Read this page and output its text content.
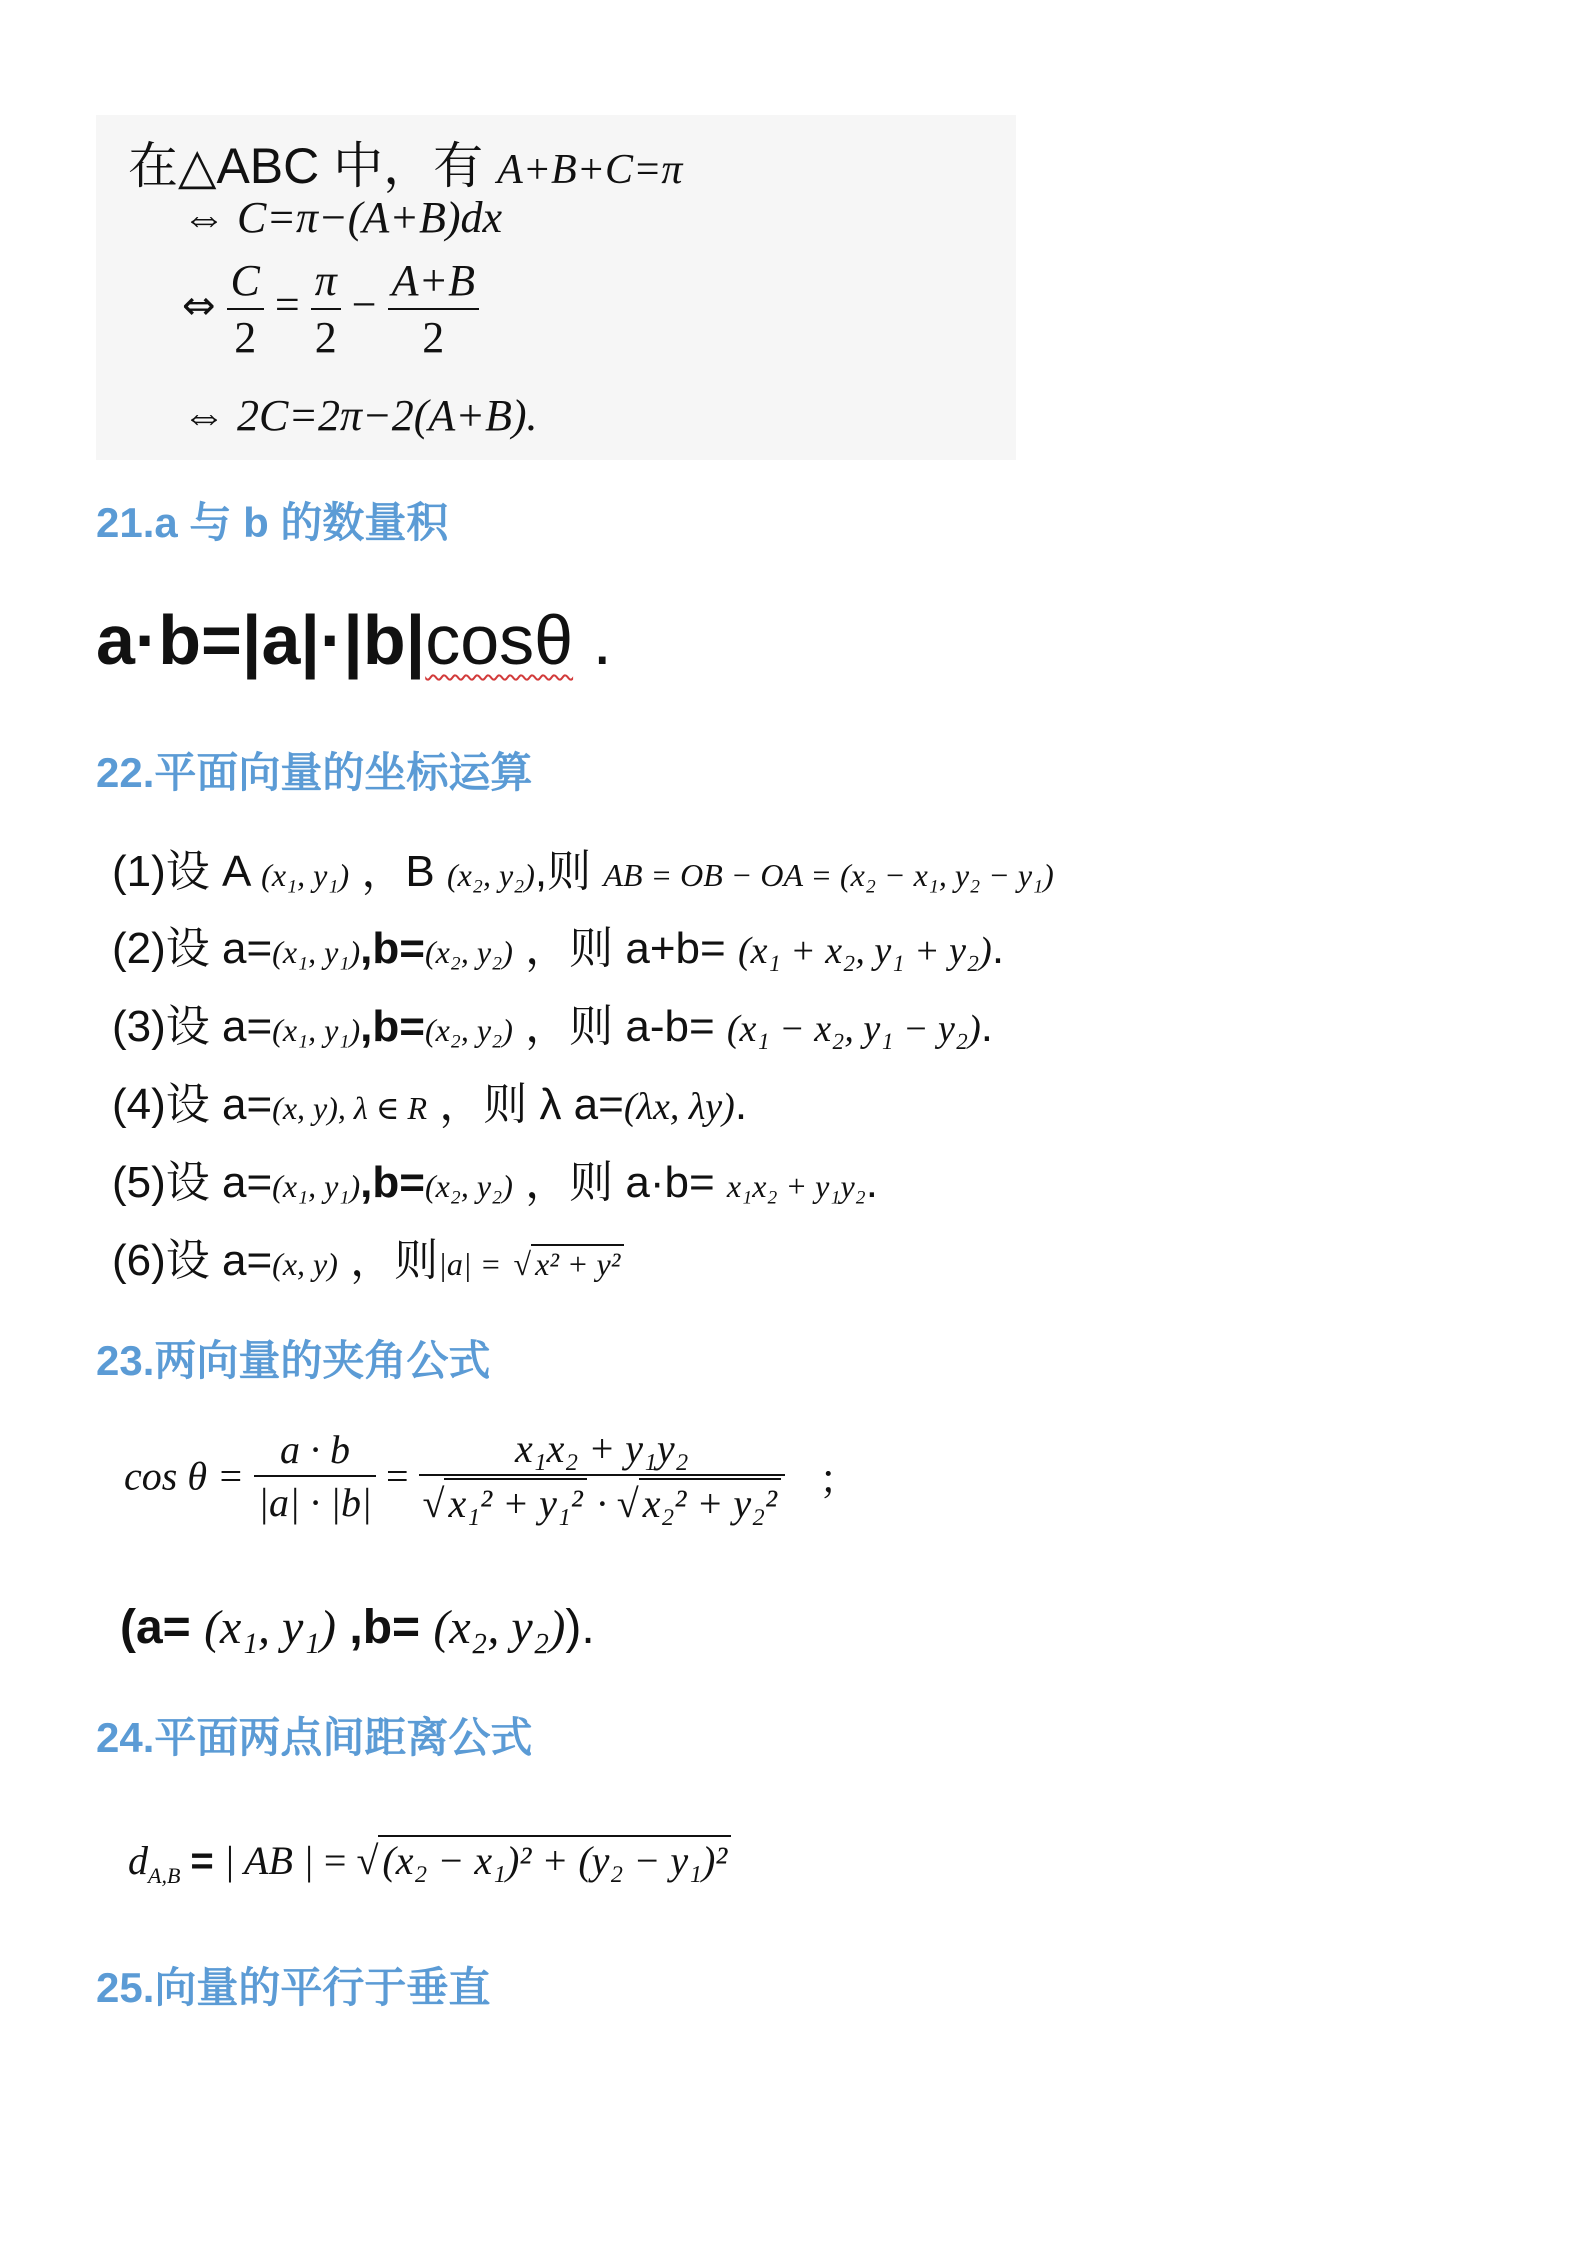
在△ABC 中，有 A+B+C=π
⇔ C=π−(A+B)dx
⇔ $\frac{C}{2} = \frac{\pi}{2} - \frac{A+B}{2}$
⇔ 2C=2π−2(A+B).
21.a 与 b 的数量积
a·b=|a|·|b|cosθ .
22.平面向量的坐标运算
(1)设 A (x₁, y₁) ，B (x₂, y₂),则 AB = OB − OA = (x₂ − x₁, y₂ − y₁)
(2)设 a=(x₁, y₁),b=(x₂, y₂) ，则 a+b= (x₁ + x₂, y₁ + y₂).
(3)设 a=(x₁, y₁),b=(x₂, y₂) ，则 a-b= (x₁ − x₂, y₁ − y₂).
(4)设 a=(x, y), λ ∈ R ，则 λ a=(λx, λy).
(5)设 a=(x₁, y₁),b=(x₂, y₂) ，则 a·b= x₁x₂ + y₁y₂.
(6)设 a=(x, y) ，则|a| = √ x² + y²
23.两向量的夹角公式
$\cos \theta = \frac{a \cdot b}{|a| \cdot |b|} = \frac{\text{x₁x₂ + y₁y₂}}{\text{√ x₁² + y₁² · √ x₂² + y₂²}}$ ；
(a= (x₁, y₁) ,b= (x₂, y₂)).
24.平面两点间距离公式
$d_{A,B}$ = | AB | = √ (x₂ − x₁)² + (y₂ − y₁)²
25.向量的平行于垂直
